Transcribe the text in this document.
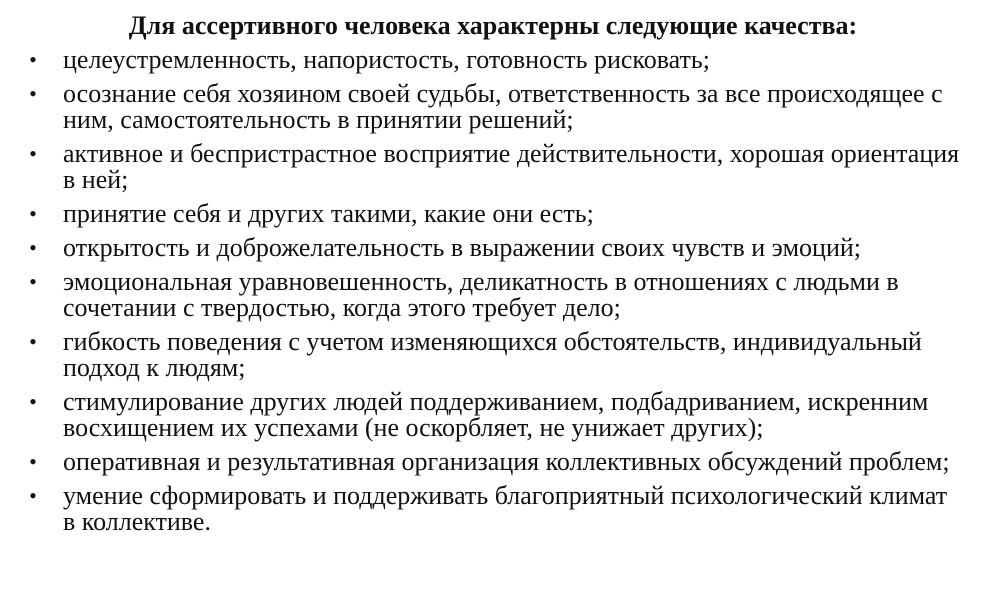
Для ассертивного человека характерны следующие качества:
• целеустремленность, напористость, готовность рисковать;
• осознание себя хозяином своей судьбы, ответственность за все происходящее с ним, самостоятельность в принятии решений;
• активное и беспристрастное восприятие действительности, хорошая ориентация в ней;
• принятие себя и других такими, какие они есть;
• открытость и доброжелательность в выражении своих чувств и эмоций;
• эмоциональная уравновешенность, деликатность в отношениях с людьми в сочетании с твердостью, когда этого требует дело;
• гибкость поведения с учетом изменяющихся обстоятельств, индивидуальный подход к людям;
• стимулирование других людей поддерживанием, подбадриванием, искренним восхищением их успехами (не оскорбляет, не унижает других);
• оперативная и результативная организация коллективных обсуждений проблем;
• умение сформировать и поддерживать благоприятный психологический климат в коллективе.
